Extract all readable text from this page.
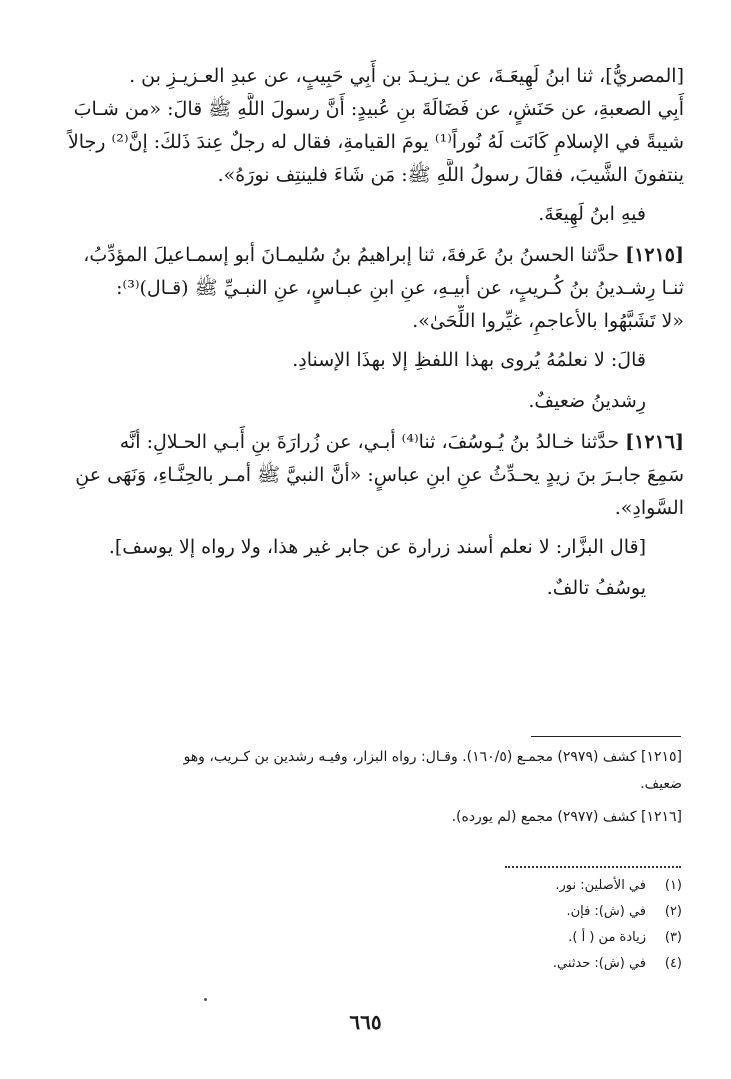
[المصريُّ]، ثنا ابنُ لَهِيعَـةَ، عن يـزيـدَ بن أَبِي حَبِيبٍ، عن عبدِ العـزيـزِ بن .
أَبِي الصعبةِ، عن حَنَشٍ، عن فَضَالَةَ بنِ عُبيدٍ: أَنَّ رسولَ اللَّهِ ﷺ قالَ: «من شـابَ
شيبةً في الإسلامِ كَانَت لَهُ نُوراً⁽¹⁾ يومَ القيامةِ، فقال له رجلٌ عِندَ ذَلكَ: إنَّ⁽²⁾ رجالاً
ينتفونَ الشَّيبَ، فقالَ رسولُ اللَّهِ ﷺ: مَن شَاءَ فلينتِف نورَهُ».
فيهِ ابنُ لَهِيعَةَ.
[١٢١٥] حدَّثنا الحسنُ بنُ عَرفةَ، ثنا إبراهيمُ بنُ سُليمـانَ أبو إسمـاعيلَ المؤدِّبُ،
ثنـا رِشـدينُ بنُ كُـريبٍ، عن أبيـهِ، عنِ ابنِ عبـاسٍ، عنِ النبـيِّ ﷺ (قـال)⁽³⁾:
«لا تَشَبَّهُوا بالأعاجمِ، غيِّروا اللِّحَىٰ».
قالَ: لا نعلمُهُ يُروى بهذا اللفظِ إلا بهذَا الإسنادِ.
رِشدينُ ضعيفٌ.
[١٢١٦] حدَّثنا خـالدُ بنُ يُـوسُفَ، ثنا⁽⁴⁾ أبـي، عن زُرارَةَ بنِ أَبـي الحـلالِ: أنَّه
سَمِعَ جابـرَ بنَ زيدٍ يحـدِّثُ عنِ ابنِ عباسٍ: «أنَّ النبيَّ ﷺ أمـر بالحِنَّـاءِ، وَنَهَى عنِ
السَّوادِ».
[قال البزَّار: لا نعلم أسند زرارة عن جابر غير هذا، ولا رواه إلا يوسف].
يوسُفُ تالفٌ.

[١٢١٥] كشف (٢٩٧٩) مجمـع (١٦٠/٥). وقـال: رواه البزار، وفيـه رشدين بن كـريب، وهو

ضعيف.

[١٢١٦] كشف (٢٩٧٧) مجمع (لم يورده).

(١)
في الأصلين: نور.
(٢)
في (ش): فإن.
(٣)
زيادة من ( أ ).
(٤)
في (ش): حدثني.
٦٦٥
